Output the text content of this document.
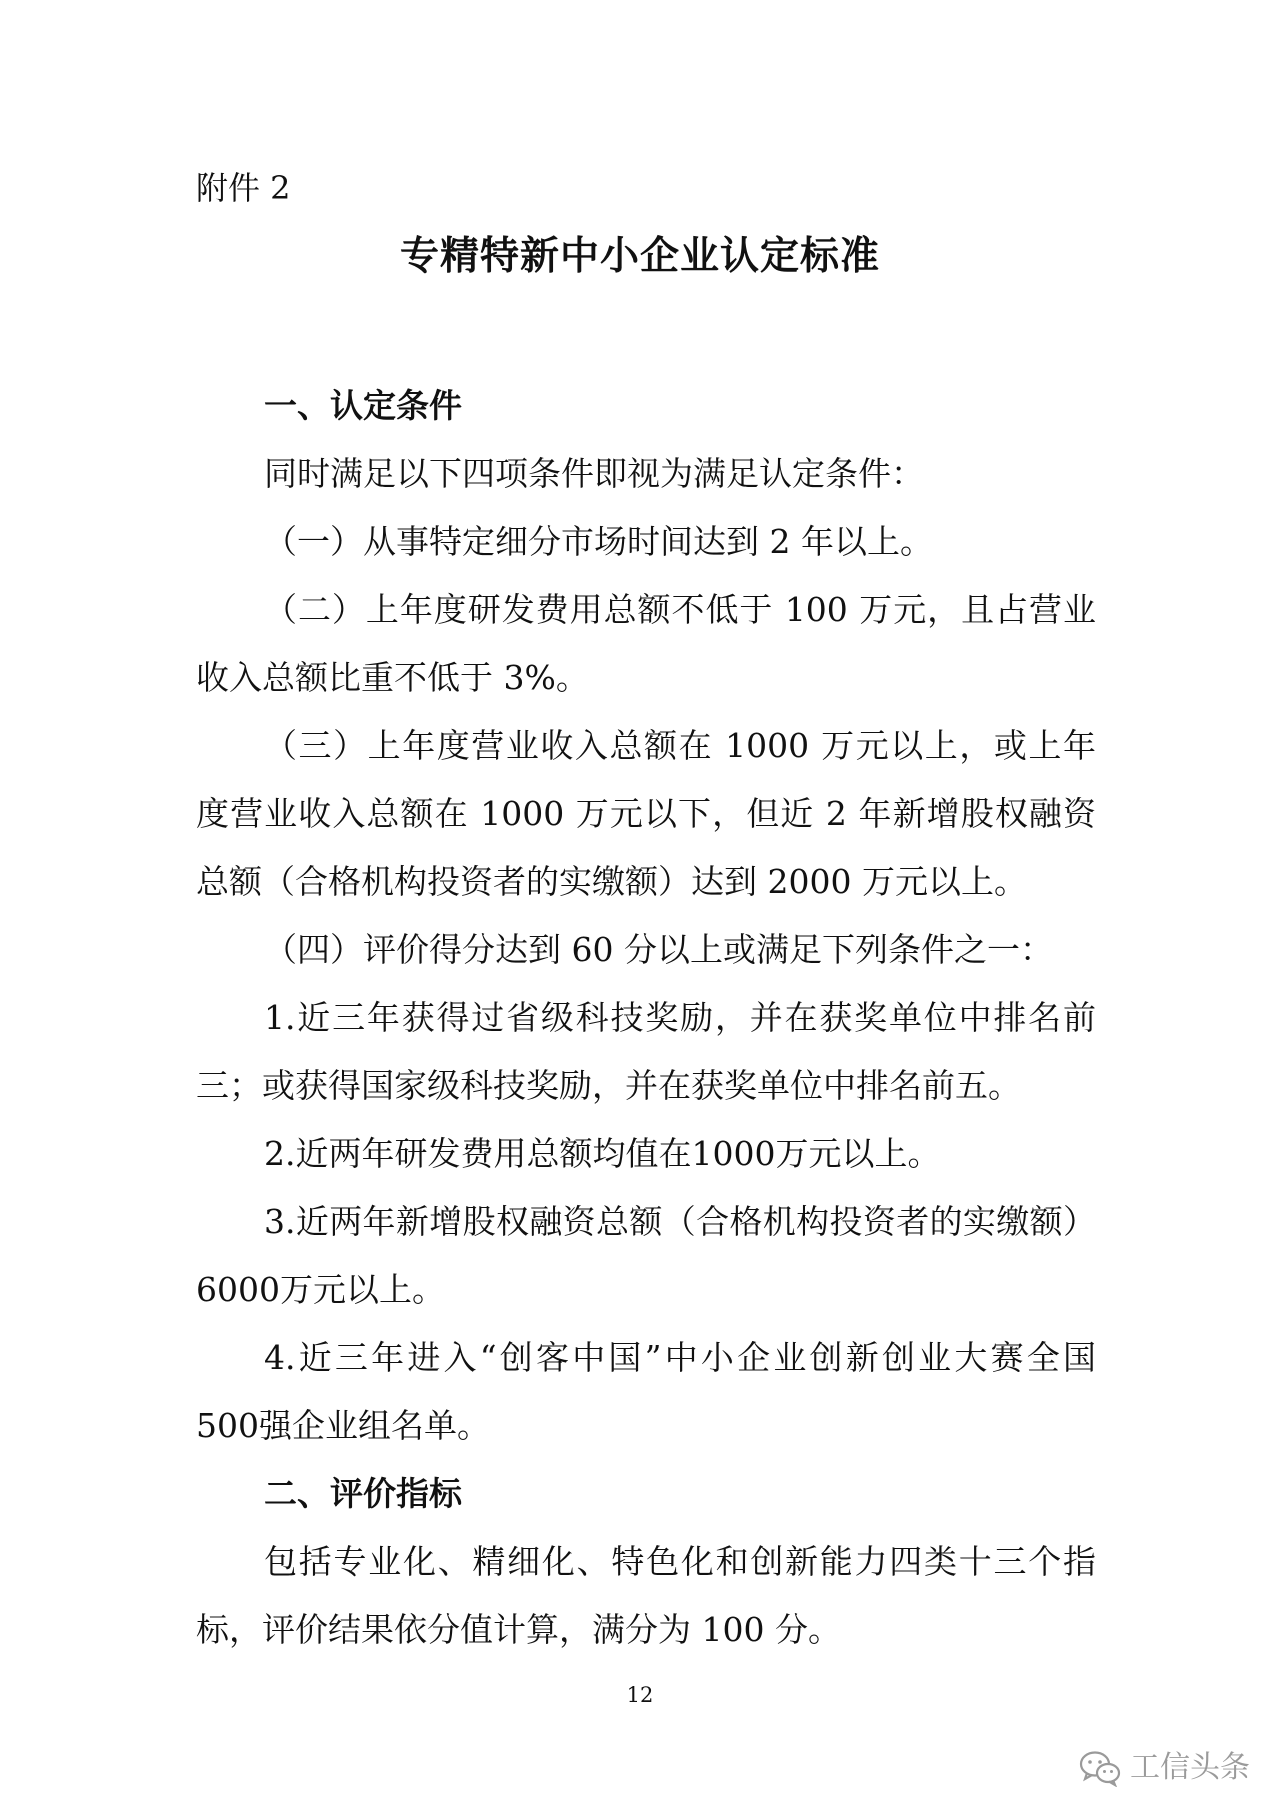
附件 2
专精特新中小企业认定标准
一、认定条件
同时满足以下四项条件即视为满足认定条件：
（一）从事特定细分市场时间达到 2 年以上。
（二）上年度研发费用总额不低于 100 万元，且占营业
收入总额比重不低于 3%。
（三）上年度营业收入总额在 1000 万元以上，或上年
度营业收入总额在 1000 万元以下，但近 2 年新增股权融资
总额（合格机构投资者的实缴额）达到 2000 万元以上。
（四）评价得分达到 60 分以上或满足下列条件之一：
1.近三年获得过省级科技奖励，并在获奖单位中排名前
三；或获得国家级科技奖励，并在获奖单位中排名前五。
2.近两年研发费用总额均值在1000万元以上。
3.近两年新增股权融资总额（合格机构投资者的实缴额）
6000万元以上。
4.近三年进入“创客中国”中小企业创新创业大赛全国
500强企业组名单。
二、评价指标
包括专业化、精细化、特色化和创新能力四类十三个指
标，评价结果依分值计算，满分为 100 分。
12
工信头条
